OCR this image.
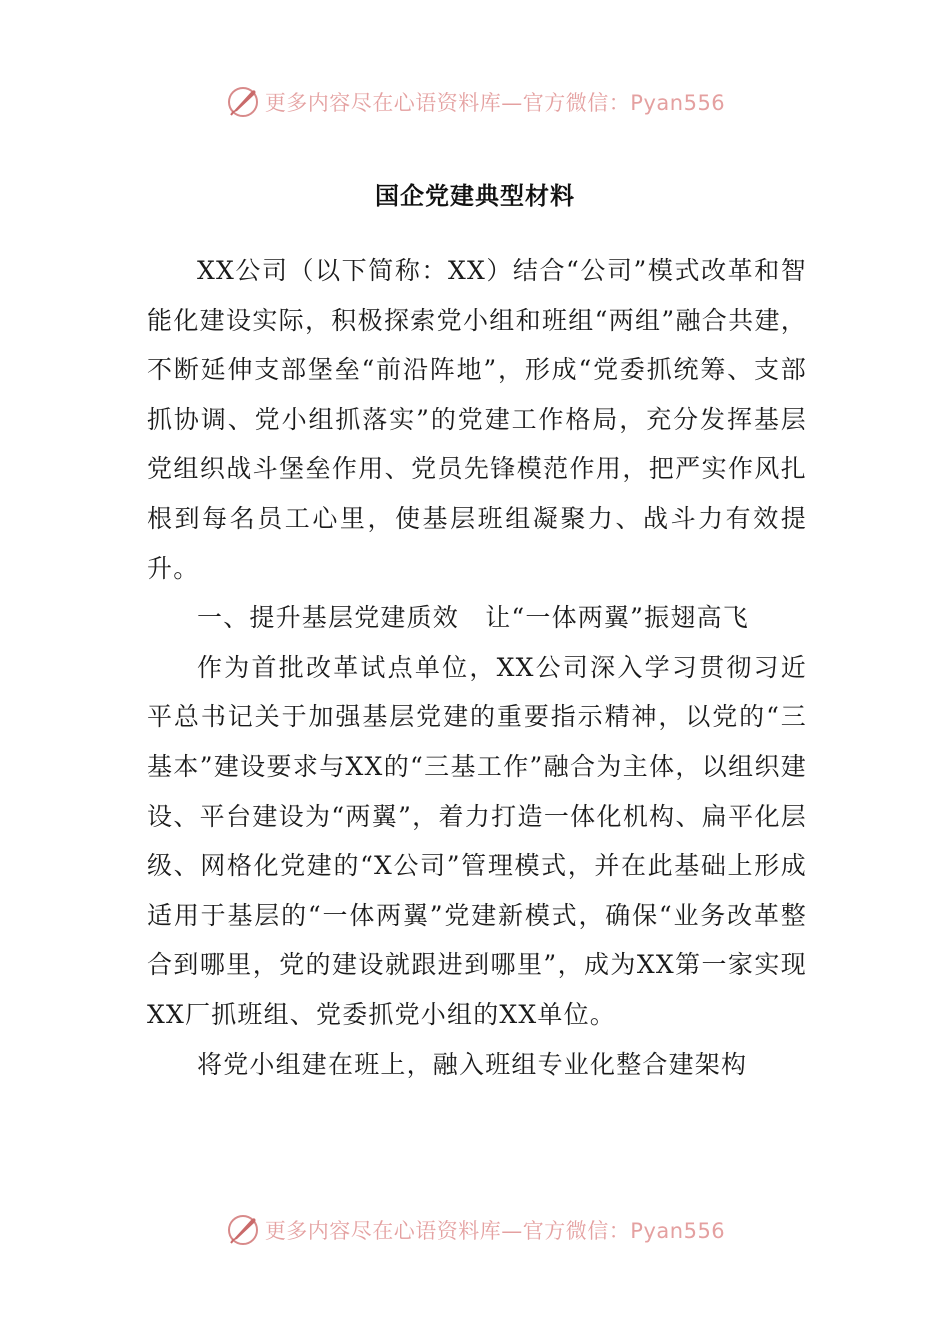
更多内容尽在心语资料库—官方微信：Pyan556
国企党建典型材料

XX公司（以下简称：XX）结合“公司”模式改革和智能化建设实际，积极探索党小组和班组“两组”融合共建，不断延伸支部堡垒“前沿阵地”，形成“党委抓统筹、支部抓协调、党小组抓落实”的党建工作格局，充分发挥基层党组织战斗堡垒作用、党员先锋模范作用，把严实作风扎根到每名员工心里，使基层班组凝聚力、战斗力有效提升。

一、提升基层党建质效　让“一体两翼”振翅高飞

作为首批改革试点单位，XX公司深入学习贯彻习近平总书记关于加强基层党建的重要指示精神，以党的“三基本”建设要求与XX的“三基工作”融合为主体，以组织建设、平台建设为“两翼”，着力打造一体化机构、扁平化层级、网格化党建的“X公司”管理模式，并在此基础上形成适用于基层的“一体两翼”党建新模式，确保“业务改革整合到哪里，党的建设就跟进到哪里”，成为XX第一家实现XX厂抓班组、党委抓党小组的XX单位。

将党小组建在班上，融入班组专业化整合建架构

更多内容尽在心语资料库—官方微信：Pyan556
